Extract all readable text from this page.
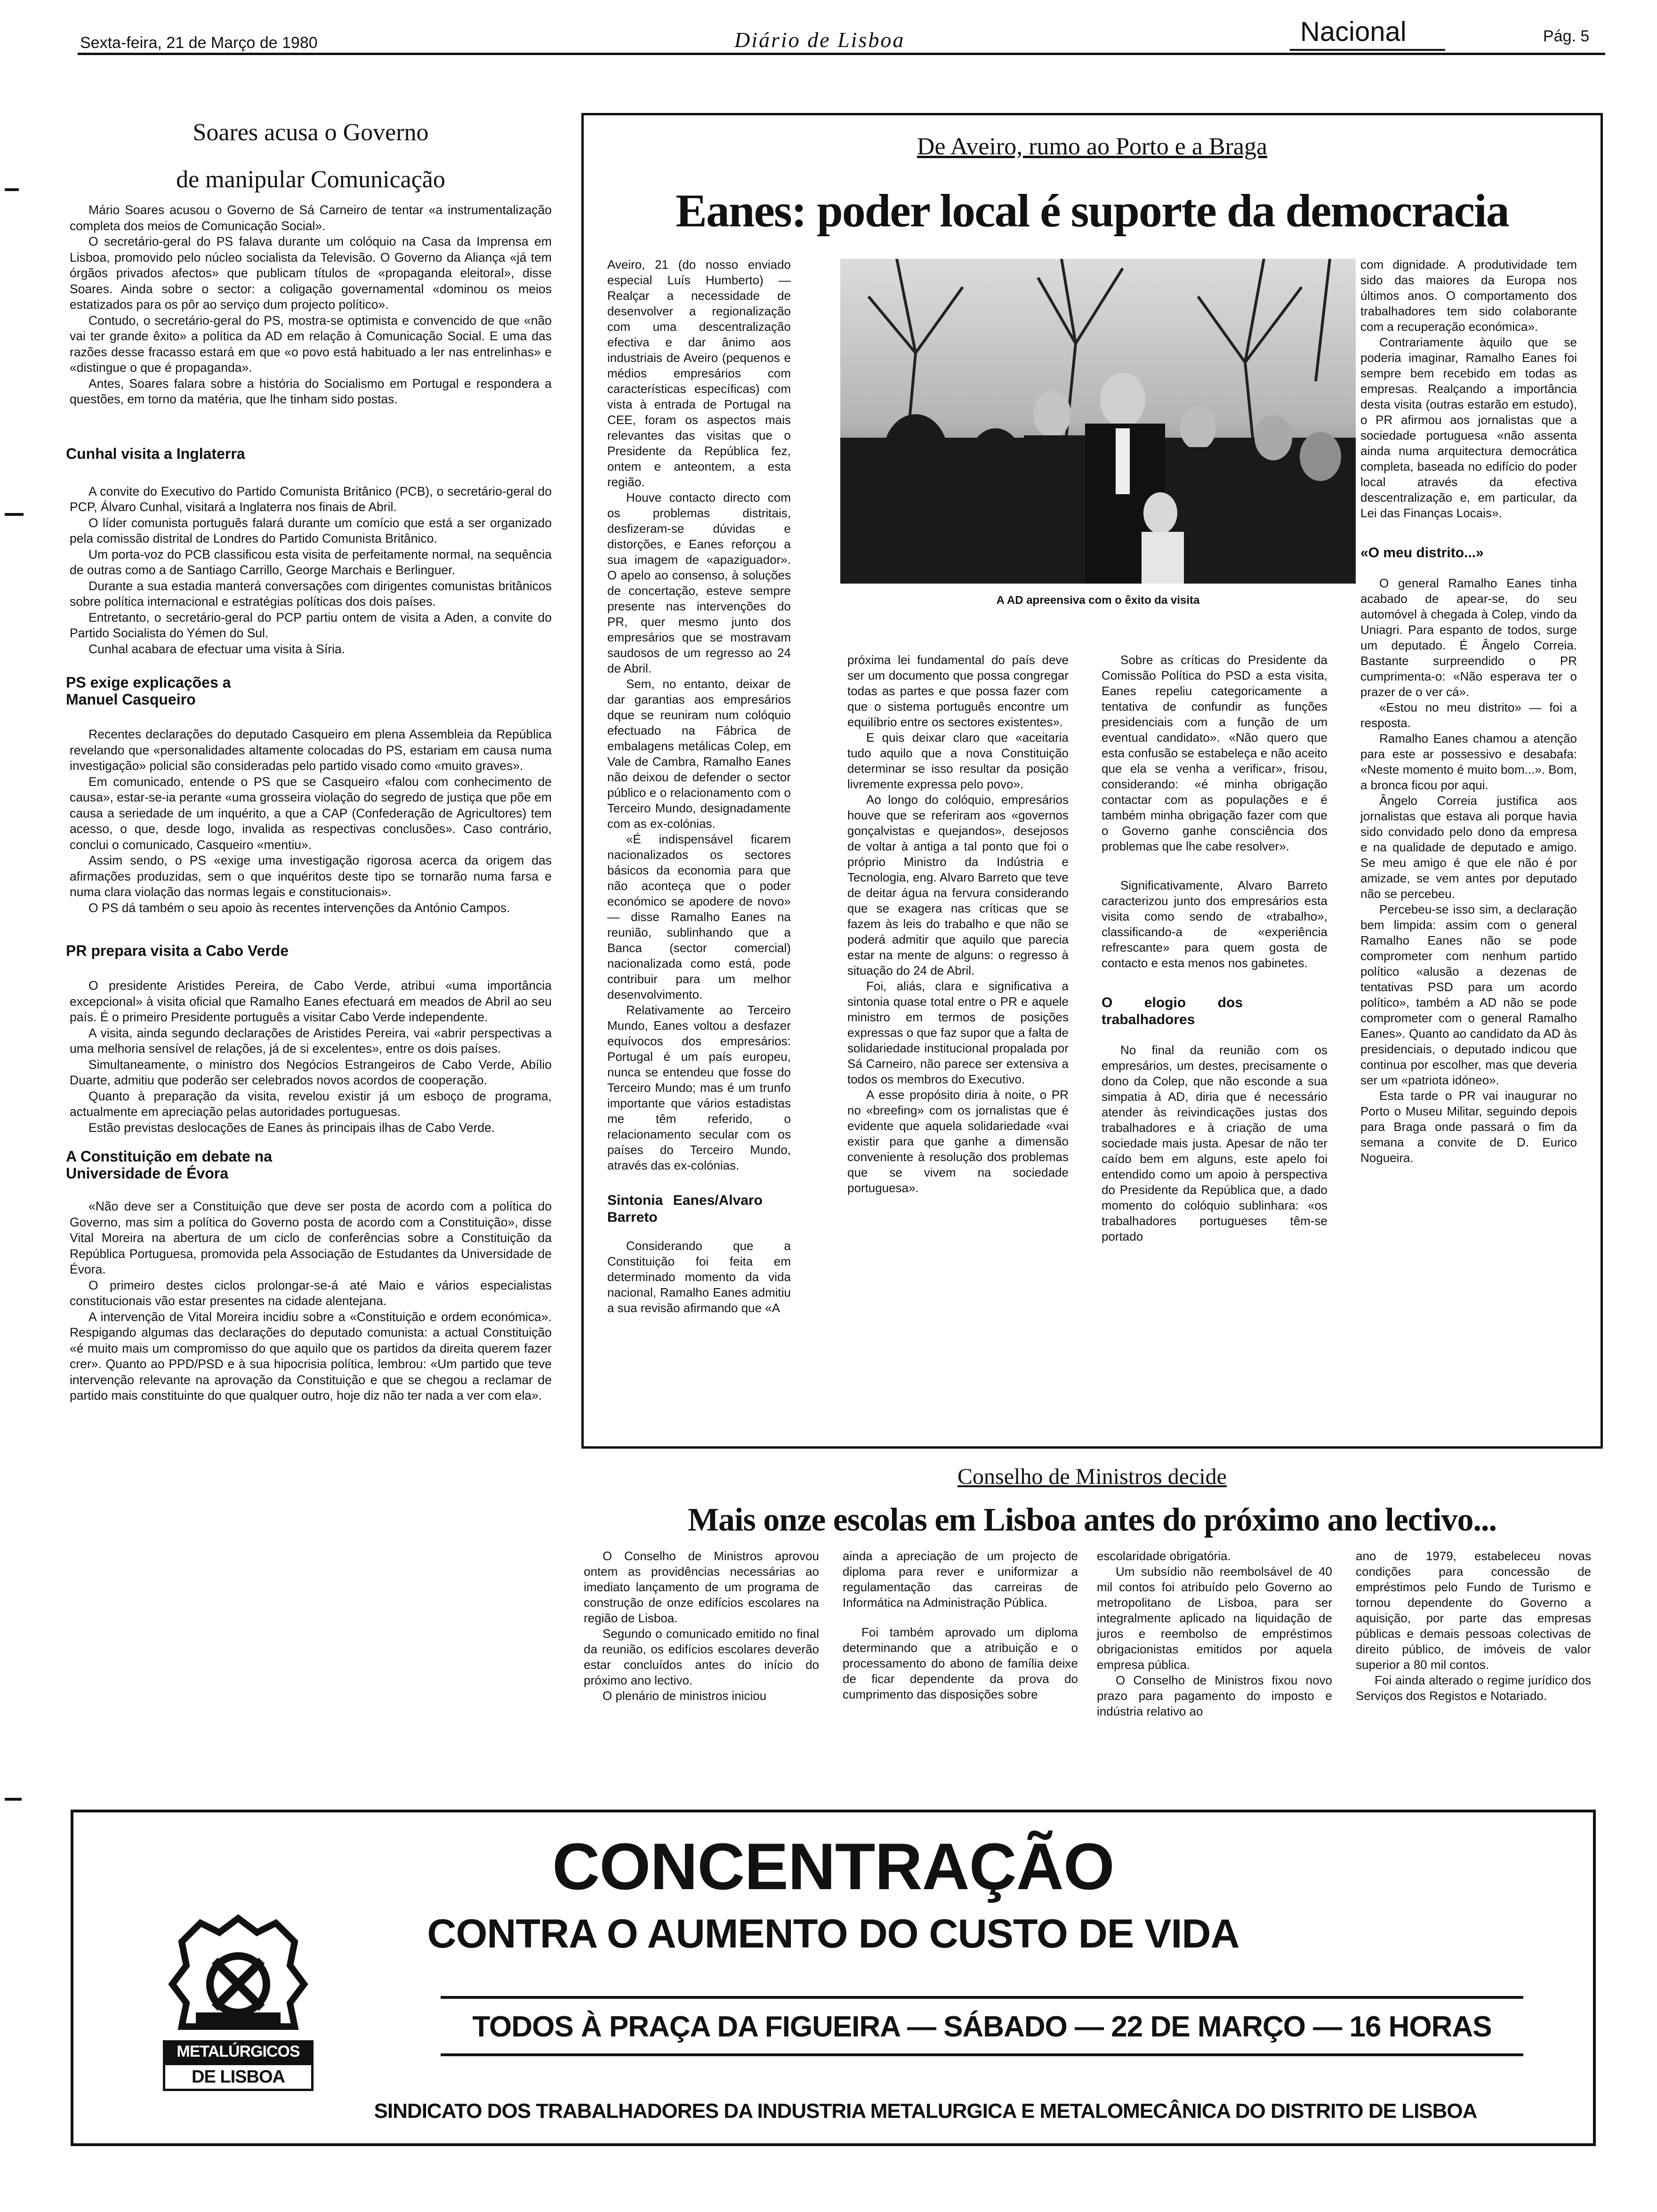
Sexta-feira, 21 de Março de 1980	Diário de Lisboa	Nacional	Pág. 5
Soares acusa o Governo
de manipular Comunicação

Mário Soares acusou o Governo de Sá Carneiro de tentar «a instrumentalização completa dos meios de Comunicação Social».

O secretário-geral do PS falava durante um colóquio na Casa da Imprensa em Lisboa, promovido pelo núcleo socialista da Televisão. O Governo da Aliança «já tem órgãos privados afectos» que publicam títulos de «propaganda eleitoral», disse Soares. Ainda sobre o sector: a coligação governamental «dominou os meios estatizados para os pôr ao serviço dum projecto político».

Contudo, o secretário-geral do PS, mostra-se optimista e convencido de que «não vai ter grande êxito» a política da AD em relação à Comunicação Social. E uma das razões desse fracasso estará em que «o povo está habituado a ler nas entrelinhas» e «distingue o que é propaganda».

Antes, Soares falara sobre a história do Socialismo em Portugal e respondera a questões, em torno da matéria, que lhe tinham sido postas.

Cunhal visita a Inglaterra

A convite do Executivo do Partido Comunista Britânico (PCB), o secretário-geral do PCP, Álvaro Cunhal, visitará a Inglaterra nos finais de Abril.

O líder comunista português falará durante um comício que está a ser organizado pela comissão distrital de Londres do Partido Comunista Britânico.

Um porta-voz do PCB classificou esta visita de perfeitamente normal, na sequência de outras como a de Santiago Carrillo, George Marchais e Berlinguer.

Durante a sua estadia manterá conversações com dirigentes comunistas britânicos sobre política internacional e estratégias políticas dos dois países.

Entretanto, o secretário-geral do PCP partiu ontem de visita a Aden, a convite do Partido Socialista do Yémen do Sul.

Cunhal acabara de efectuar uma visita à Síria.

PS exige explicações a Manuel Casqueiro

Recentes declarações do deputado Casqueiro em plena Assembleia da República revelando que «personalidades altamente colocadas do PS, estariam em causa numa investigação» policial são consideradas pelo partido visado como «muito graves».

Em comunicado, entende o PS que se Casqueiro «falou com conhecimento de causa», estar-se-ia perante «uma grosseira violação do segredo de justiça que põe em causa a seriedade de um inquérito, a que a CAP (Confederação de Agricultores) tem acesso, o que, desde logo, invalida as respectivas conclusões». Caso contrário, conclui o comunicado, Casqueiro «mentiu».

Assim sendo, o PS «exige uma investigação rigorosa acerca da origem das afirmações produzidas, sem o que inquéritos deste tipo se tornarão numa farsa e numa clara violação das normas legais e constitucionais».

O PS dá também o seu apoio às recentes intervenções da António Campos.

PR prepara visita a Cabo Verde

O presidente Aristides Pereira, de Cabo Verde, atribui «uma importância excepcional» à visita oficial que Ramalho Eanes efectuará em meados de Abril ao seu país. É o primeiro Presidente português a visitar Cabo Verde independente.

A visita, ainda segundo declarações de Aristides Pereira, vai «abrir perspectivas a uma melhoria sensível de relações, já de si excelentes», entre os dois países.

Simultaneamente, o ministro dos Negócios Estrangeiros de Cabo Verde, Abílio Duarte, admitiu que poderão ser celebrados novos acordos de cooperação.

Quanto à preparação da visita, revelou existir já um esboço de programa, actualmente em apreciação pelas autoridades portuguesas.

Estão previstas deslocações de Eanes às principais ilhas de Cabo Verde.

A Constituição em debate na Universidade de Évora

«Não deve ser a Constituição que deve ser posta de acordo com a política do Governo, mas sim a política do Governo posta de acordo com a Constituição», disse Vital Moreira na abertura de um ciclo de conferências sobre a Constituição da República Portuguesa, promovida pela Associação de Estudantes da Universidade de Évora.

O primeiro destes ciclos prolongar-se-á até Maio e vários especialistas constitucionais vão estar presentes na cidade alentejana.

A intervenção de Vital Moreira incidiu sobre a «Constituição e ordem económica». Respigando algumas das declarações do deputado comunista: a actual Constituição «é muito mais um compromisso do que aquilo que os partidos da direita querem fazer crer». Quanto ao PPD/PSD e à sua hipocrisia política, lembrou: «Um partido que teve intervenção relevante na aprovação da Constituição e que se chegou a reclamar de partido mais constituinte do que qualquer outro, hoje diz não ter nada a ver com ela».

De Aveiro, rumo ao Porto e a Braga
Eanes: poder local é suporte da democracia

Aveiro, 21 (do nosso enviado especial Luís Humberto) — Realçar a necessidade de desenvolver a regionalização com uma descentralização efectiva e dar ânimo aos industriais de Aveiro (pequenos e médios empresários com características específicas) com vista à entrada de Portugal na CEE, foram os aspectos mais relevantes das visitas que o Presidente da República fez, ontem e anteontem, a esta região.

Houve contacto directo com os problemas distritais, desfizeram-se dúvidas e distorções, e Eanes reforçou a sua imagem de «apaziguador». O apelo ao consenso, à soluções de concertação, esteve sempre presente nas intervenções do PR, quer mesmo junto dos empresários que se mostravam saudosos de um regresso ao 24 de Abril.

Sem, no entanto, deixar de dar garantias aos empresários dque se reuniram num colóquio efectuado na Fábrica de embalagens metálicas Colep, em Vale de Cambra, Ramalho Eanes não deixou de defender o sector público e o relacionamento com o Terceiro Mundo, designadamente com as ex-colónias.

«É indispensável ficarem nacionalizados os sectores básicos da economia para que não aconteça que o poder económico se apodere de novo» — disse Ramalho Eanes na reunião, sublinhando que a Banca (sector comercial) nacionalizada como está, pode contribuir para um melhor desenvolvimento.

Relativamente ao Terceiro Mundo, Eanes voltou a desfazer equívocos dos empresários: Portugal é um país europeu, nunca se entendeu que fosse do Terceiro Mundo; mas é um trunfo importante que vários estadistas me têm referido, o relacionamento secular com os países do Terceiro Mundo, através das ex-colónias.

Sintonia Eanes/Alvaro Barreto

Considerando que a Constituição foi feita em determinado momento da vida nacional, Ramalho Eanes admitiu a sua revisão afirmando que «A

A AD apreensiva com o êxito da visita

próxima lei fundamental do país deve ser um documento que possa congregar todas as partes e que possa fazer com que o sistema português encontre um equilíbrio entre os sectores existentes».

E quis deixar claro que «aceitaria tudo aquilo que a nova Constituição determinar se isso resultar da posição livremente expressa pelo povo».

Ao longo do colóquio, empresários houve que se referiram aos «governos gonçalvistas e quejandos», desejosos de voltar à antiga a tal ponto que foi o próprio Ministro da Indústria e Tecnologia, eng. Alvaro Barreto que teve de deitar água na fervura considerando que se exagera nas críticas que se fazem às leis do trabalho e que não se poderá admitir que aquilo que parecia estar na mente de alguns: o regresso à situação do 24 de Abril.

Foi, aliás, clara e significativa a sintonia quase total entre o PR e aquele ministro em termos de posições expressas o que faz supor que a falta de solidariedade institucional propalada por Sá Carneiro, não parece ser extensiva a todos os membros do Executivo.

A esse propósito diria à noite, o PR no «breefing» com os jornalistas que é evidente que aquela solidariedade «vai existir para que ganhe a dimensão conveniente à resolução dos problemas que se vivem na sociedade portuguesa».

Sobre as críticas do Presidente da Comissão Política do PSD a esta visita, Eanes repeliu categoricamente a tentativa de confundir as funções presidenciais com a função de um eventual candidato». «Não quero que esta confusão se estabeleça e não aceito que ela se venha a verificar», frisou, considerando: «é minha obrigação contactar com as populações e é também minha obrigação fazer com que o Governo ganhe consciência dos problemas que lhe cabe resolver».

Significativamente, Alvaro Barreto caracterizou junto dos empresários esta visita como sendo de «trabalho», classificando-a de «experiência refrescante» para quem gosta de contacto e esta menos nos gabinetes.

O elogio dos trabalhadores

No final da reunião com os empresários, um destes, precisamente o dono da Colep, que não esconde a sua simpatia à AD, diria que é necessário atender às reivindicações justas dos trabalhadores e à criação de uma sociedade mais justa. Apesar de não ter caído bem em alguns, este apelo foi entendido como um apoio à perspectiva do Presidente da República que, a dado momento do colóquio sublinhara: «os trabalhadores portugueses têm-se portado

com dignidade. A produtividade tem sido das maiores da Europa nos últimos anos. O comportamento dos trabalhadores tem sido colaborante com a recuperação económica».

Contrariamente àquilo que se poderia imaginar, Ramalho Eanes foi sempre bem recebido em todas as empresas. Realçando a importância desta visita (outras estarão em estudo), o PR afirmou aos jornalistas que a sociedade portuguesa «não assenta ainda numa arquitectura democrática completa, baseada no edifício do poder local através da efectiva descentralização e, em particular, da Lei das Finanças Locais».

«O meu distrito...»

O general Ramalho Eanes tinha acabado de apear-se, do seu automóvel à chegada à Colep, vindo da Uniagri. Para espanto de todos, surge um deputado. É Ângelo Correia. Bastante surpreendido o PR cumprimenta-o: «Não esperava ter o prazer de o ver cá».

«Estou no meu distrito» — foi a resposta.

Ramalho Eanes chamou a atenção para este ar possessivo e desabafa: «Neste momento é muito bom...». Bom, a bronca ficou por aqui.

Ângelo Correia justifica aos jornalistas que estava ali porque havia sido convidado pelo dono da empresa e na qualidade de deputado e amigo. Se meu amigo é que ele não é por amizade, se vem antes por deputado não se percebeu.

Percebeu-se isso sim, a declaração bem limpida: assim com o general Ramalho Eanes não se pode comprometer com nenhum partido político «alusão a dezenas de tentativas PSD para um acordo político», também a AD não se pode comprometer com o general Ramalho Eanes». Quanto ao candidato da AD às presidenciais, o deputado indicou que continua por escolher, mas que deveria ser um «patriota idóneo».

Esta tarde o PR vai inaugurar no Porto o Museu Militar, seguindo depois para Braga onde passará o fim da semana a convite de D. Eurico Nogueira.

Conselho de Ministros decide
Mais onze escolas em Lisboa antes do próximo ano lectivo...

O Conselho de Ministros aprovou ontem as providências necessárias ao imediato lançamento de um programa de construção de onze edifícios escolares na região de Lisboa.

Segundo o comunicado emitido no final da reunião, os edifícios escolares deverão estar concluídos antes do início do próximo ano lectivo.

O plenário de ministros iniciou

ainda a apreciação de um projecto de diploma para rever e uniformizar a regulamentação das carreiras de Informática na Administração Pública.

Foi também aprovado um diploma determinando que a atribuição e o processamento do abono de família deixe de ficar dependente da prova do cumprimento das disposições sobre

escolaridade obrigatória.

Um subsídio não reembolsável de 40 mil contos foi atribuído pelo Governo ao metropolitano de Lisboa, para ser integralmente aplicado na liquidação de juros e reembolso de empréstimos obrigacionistas emitidos por aquela empresa pública.

O Conselho de Ministros fixou novo prazo para pagamento do imposto e indústria relativo ao

ano de 1979, estabeleceu novas condições para concessão de empréstimos pelo Fundo de Turismo e tornou dependente do Governo a aquisição, por parte das empresas públicas e demais pessoas colectivas de direito público, de imóveis de valor superior a 80 mil contos.

Foi ainda alterado o regime jurídico dos Serviços dos Registos e Notariado.

CONCENTRAÇÃO
CONTRA O AUMENTO DO CUSTO DE VIDA
TODOS À PRAÇA DA FIGUEIRA — SÁBADO — 22 DE MARÇO — 16 HORAS
SINDICATO DOS TRABALHADORES DA INDUSTRIA METALURGICA E METALOMECÂNICA DO DISTRITO DE LISBOA
METALÚRGICOS
DE LISBOA
